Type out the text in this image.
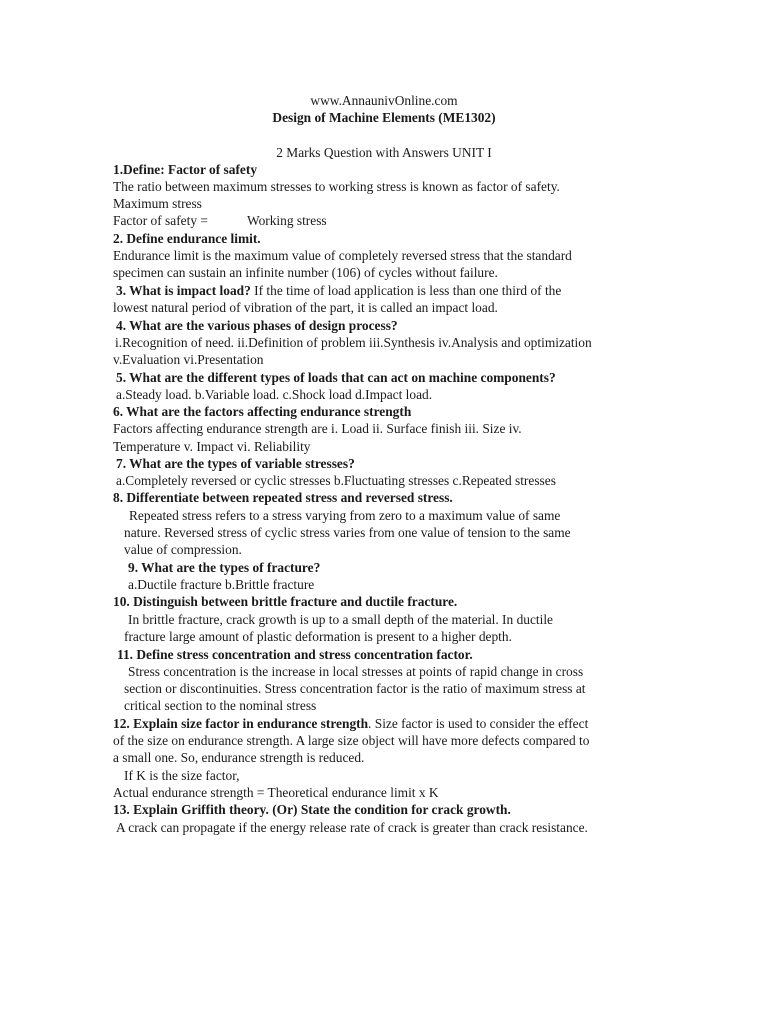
www.AnnaunivOnline.com
Design of Machine Elements (ME1302)
2 Marks Question with Answers UNIT I
1.Define: Factor of safety
The ratio between maximum stresses to working stress is known as factor of safety.
Maximum stress
Factor of safety =	Working stress
2. Define endurance limit.
Endurance limit is the maximum value of completely reversed stress that the standard
specimen can sustain an infinite number (106) of cycles without failure.
3. What is impact load? If the time of load application is less than one third of the
lowest natural period of vibration of the part, it is called an impact load.
4. What are the various phases of design process?
i.Recognition of need. ii.Definition of problem iii.Synthesis iv.Analysis and optimization
v.Evaluation vi.Presentation
5. What are the different types of loads that can act on machine components?
a.Steady load. b.Variable load. c.Shock load d.Impact load.
6. What are the factors affecting endurance strength
Factors affecting endurance strength are i. Load ii. Surface finish iii. Size iv.
Temperature v. Impact vi. Reliability
7. What are the types of variable stresses?
a.Completely reversed or cyclic stresses b.Fluctuating stresses c.Repeated stresses
8. Differentiate between repeated stress and reversed stress.
Repeated stress refers to a stress varying from zero to a maximum value of same
nature. Reversed stress of cyclic stress varies from one value of tension to the same
value of compression.
9. What are the types of fracture?
a.Ductile fracture b.Brittle fracture
10. Distinguish between brittle fracture and ductile fracture.
In brittle fracture, crack growth is up to a small depth of the material. In ductile
fracture large amount of plastic deformation is present to a higher depth.
11. Define stress concentration and stress concentration factor.
Stress concentration is the increase in local stresses at points of rapid change in cross
section or discontinuities. Stress concentration factor is the ratio of maximum stress at
critical section to the nominal stress
12. Explain size factor in endurance strength. Size factor is used to consider the effect
of the size on endurance strength. A large size object will have more defects compared to
a small one. So, endurance strength is reduced.
If K is the size factor,
Actual endurance strength = Theoretical endurance limit x K
13. Explain Griffith theory. (Or) State the condition for crack growth.
A crack can propagate if the energy release rate of crack is greater than crack resistance.
